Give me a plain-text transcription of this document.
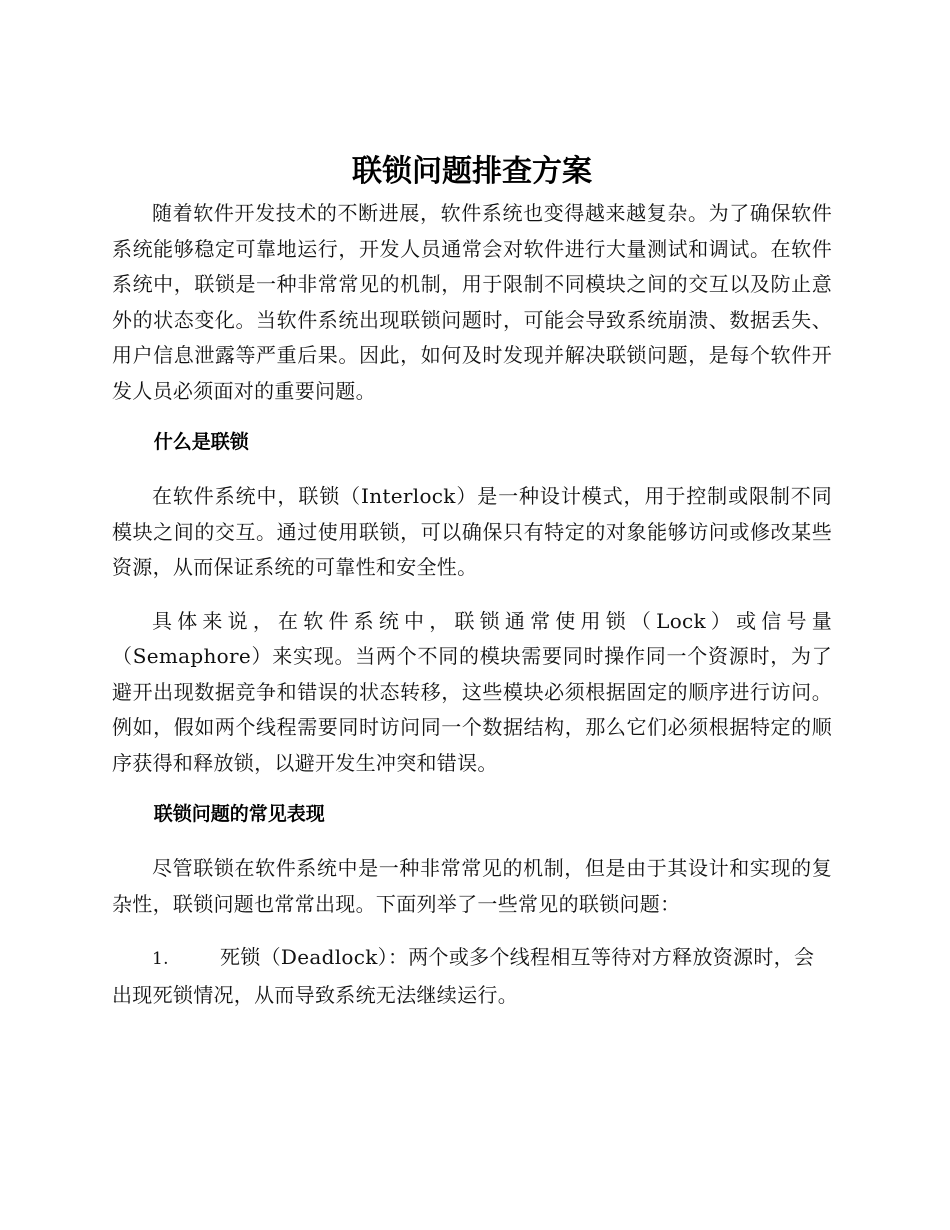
联锁问题排查方案

随着软件开发技术的不断进展，软件系统也变得越来越复杂。为了确保软件系统能够稳定可靠地运行，开发人员通常会对软件进行大量测试和调试。在软件系统中，联锁是一种非常常见的机制，用于限制不同模块之间的交互以及防止意外的状态变化。当软件系统出现联锁问题时，可能会导致系统崩溃、数据丢失、用户信息泄露等严重后果。因此，如何及时发现并解决联锁问题，是每个软件开发人员必须面对的重要问题。

什么是联锁

在软件系统中，联锁（Interlock）是一种设计模式，用于控制或限制不同模块之间的交互。通过使用联锁，可以确保只有特定的对象能够访问或修改某些资源，从而保证系统的可靠性和安全性。

具体来说，在软件系统中，联锁通常使用锁（Lock）或信号量（Semaphore）来实现。当两个不同的模块需要同时操作同一个资源时，为了避开出现数据竞争和错误的状态转移，这些模块必须根据固定的顺序进行访问。例如，假如两个线程需要同时访问同一个数据结构，那么它们必须根据特定的顺序获得和释放锁，以避开发生冲突和错误。

联锁问题的常见表现

尽管联锁在软件系统中是一种非常常见的机制，但是由于其设计和实现的复杂性，联锁问题也常常出现。下面列举了一些常见的联锁问题：

1.	死锁（Deadlock）：两个或多个线程相互等待对方释放资源时，会出现死锁情况，从而导致系统无法继续运行。
